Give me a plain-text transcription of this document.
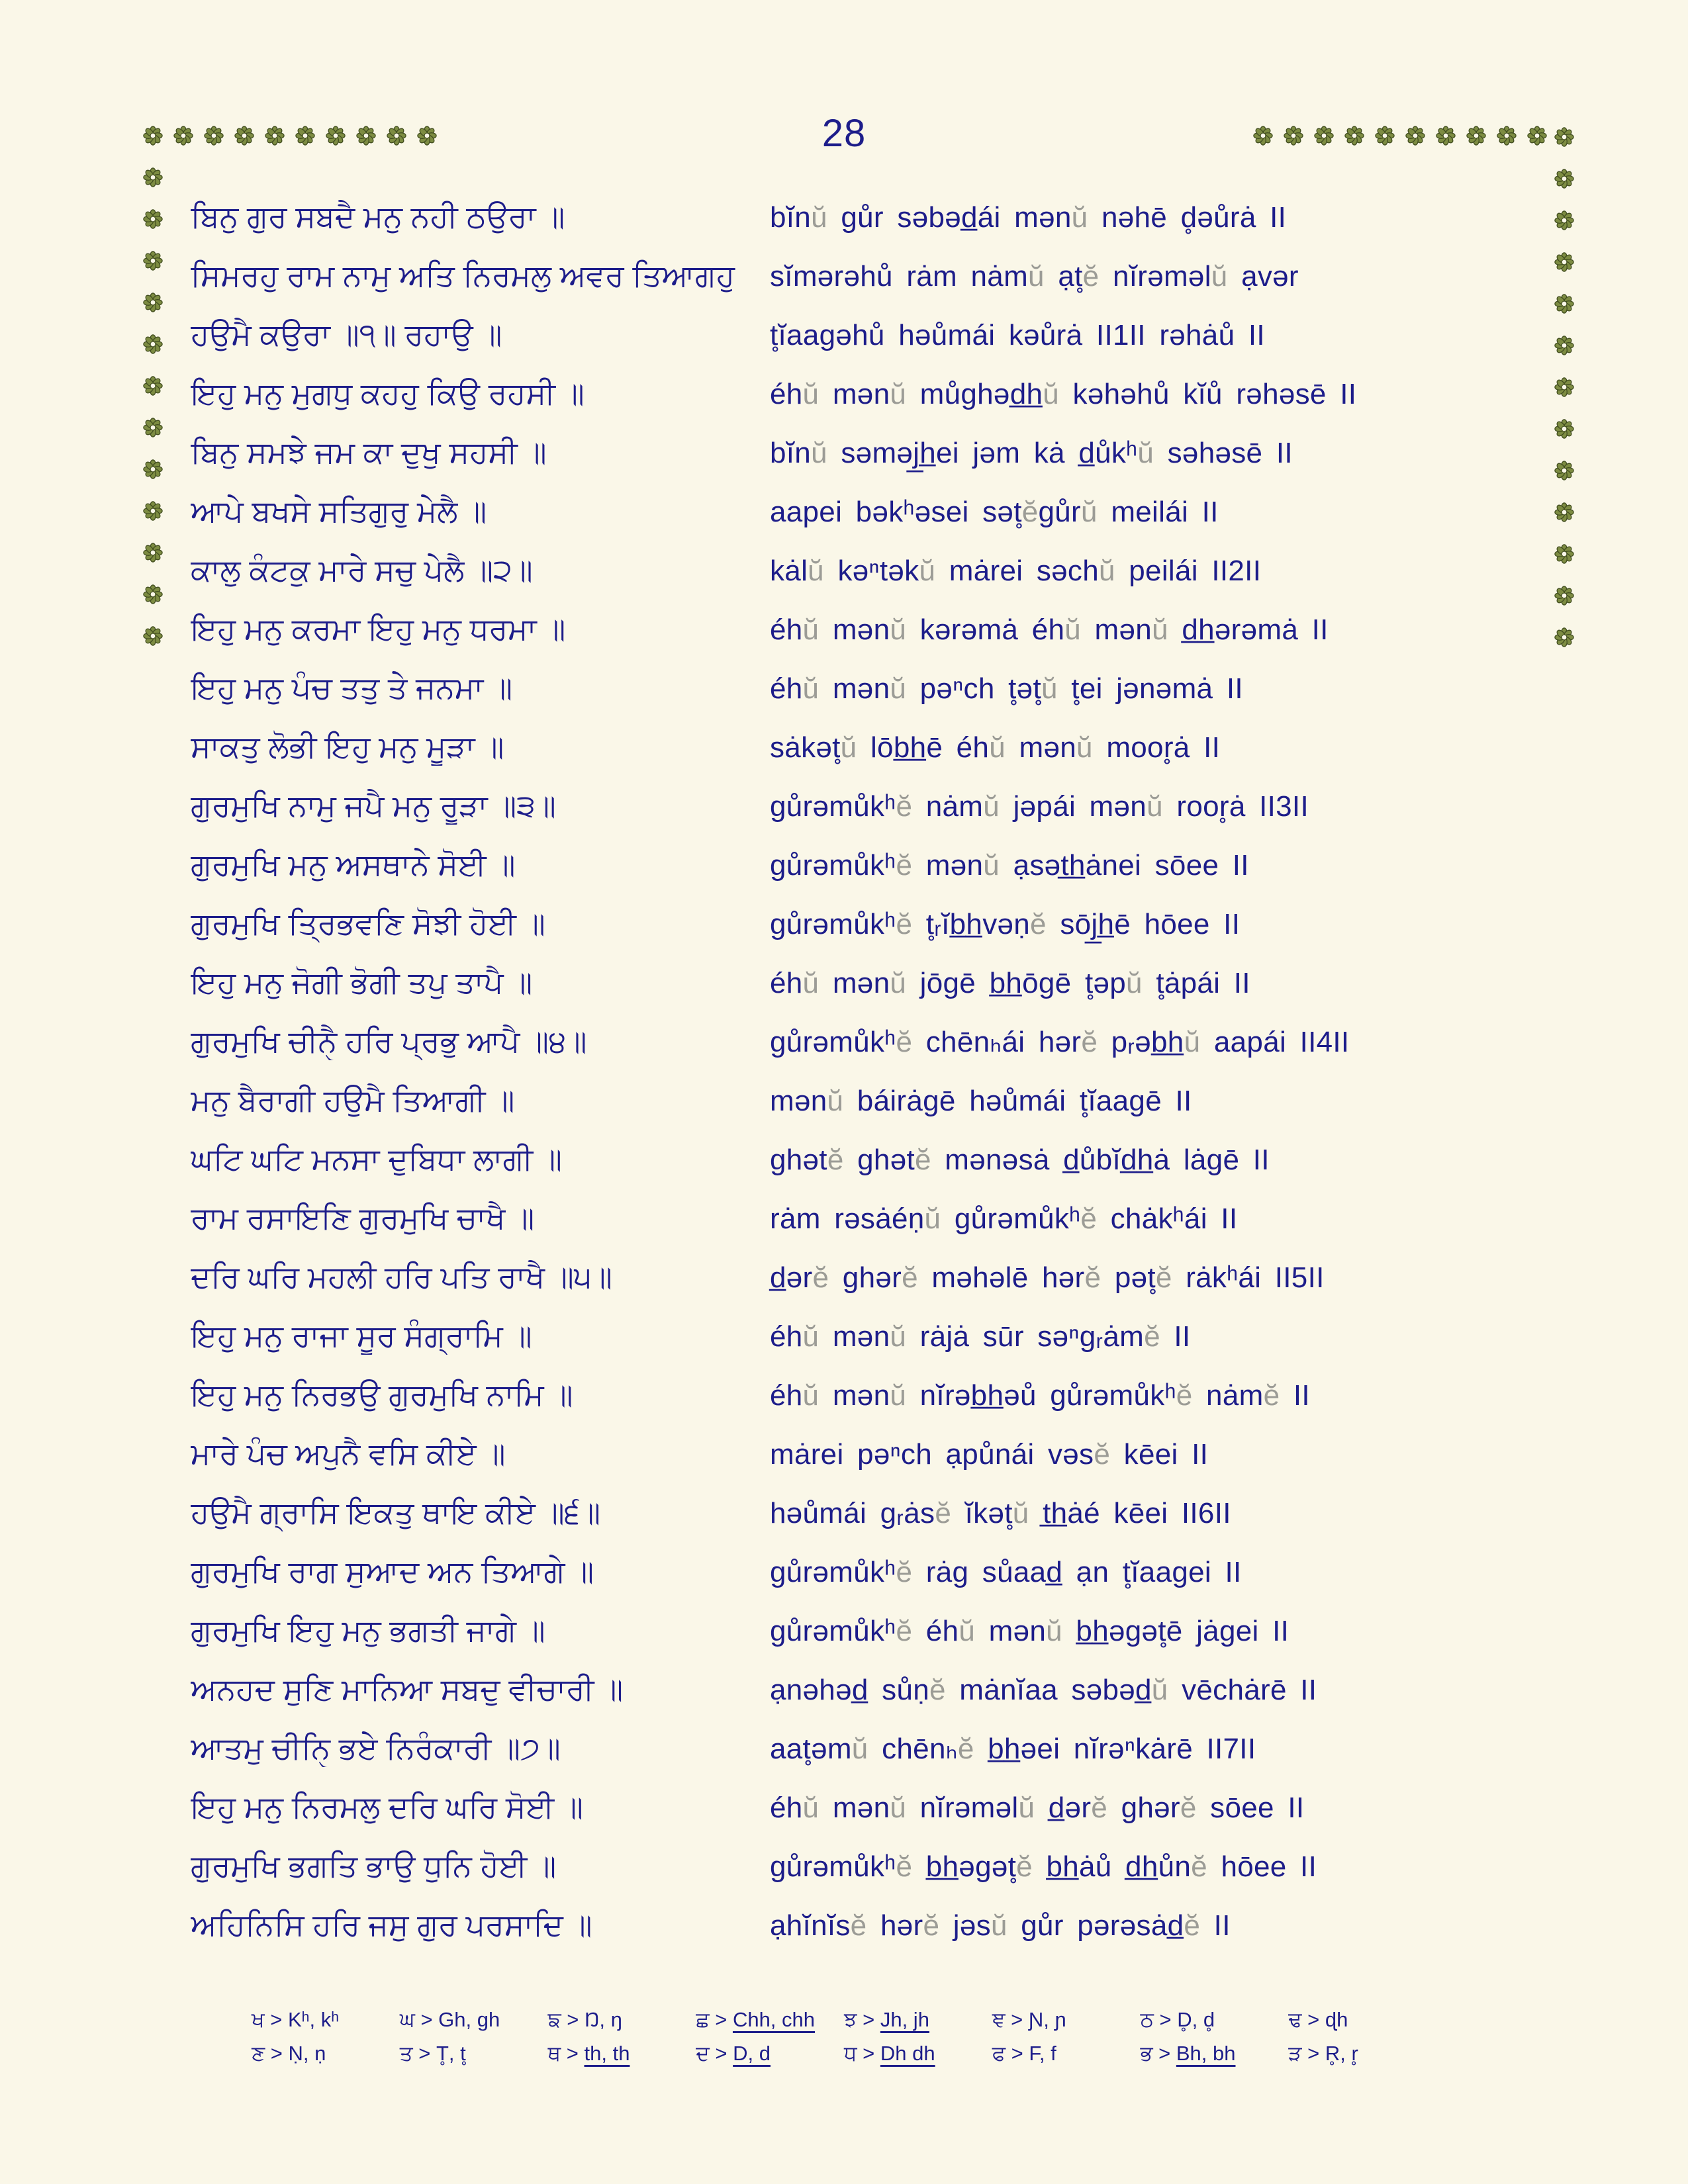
28
ਬਿਨੁ ਗੁਰ ਸਬਦੈ ਮਨੁ ਨਹੀ ਠਉਰਾ ॥	bĭnŭ gůr səbəd̲ái mənŭ nəhē d̥əůrȧ II
ਸਿਮਰਹੁ ਰਾਮ ਨਾਮੁ ਅਤਿ ਨਿਰਮਲੁ ਅਵਰ ਤਿਆਗਹੁ	sĭmərəhů rȧm nȧmŭ ạt̥ĕ nĭrəməlŭ ạvər
ਹਉਮੈ ਕਉਰਾ ॥੧॥ ਰਹਾਉ ॥	t̥ĭaagəhů həůmái kəůrȧ II1II rəhȧů II
ਇਹੁ ਮਨੁ ਮੁਗਧੁ ਕਹਹੁ ਕਿਉ ਰਹਸੀ ॥	éhŭ mənŭ můghəd̲h̲ŭ kəhəhů kĭů rəhəsē II
ਬਿਨੁ ਸਮਝੇ ਜਮ ਕਾ ਦੁਖੁ ਸਹਸੀ ॥	bĭnŭ səməj̲h̲ei jəm kȧ d̲ůkʰŭ səhəsē II
ਆਪੇ ਬਖਸੇ ਸਤਿਗੁਰੁ ਮੇਲੈ ॥	aapei bəkʰəsei sət̥ĕgůrŭ meilái II
ਕਾਲੁ ਕੰਟਕੁ ਮਾਰੇ ਸਚੁ ਪੇਲੈ ॥੨॥	kȧlŭ kəⁿtəkŭ mȧrei səchŭ peilái II2II
ਇਹੁ ਮਨੁ ਕਰਮਾ ਇਹੁ ਮਨੁ ਧਰਮਾ ॥	éhŭ mənŭ kərəmȧ éhŭ mənŭ d̲h̲ərəmȧ II
ਇਹੁ ਮਨੁ ਪੰਚ ਤਤੁ ਤੇ ਜਨਮਾ ॥	éhŭ mənŭ pəⁿch t̥ət̥ŭ t̥ei jənəmȧ II
ਸਾਕਤੁ ਲੋਭੀ ਇਹੁ ਮਨੁ ਮੂੜਾ ॥	sȧkət̥ŭ lōb̲h̲ē éhŭ mənŭ moor̥ȧ II
ਗੁਰਮੁਖਿ ਨਾਮੁ ਜਪੈ ਮਨੁ ਰੂੜਾ ॥੩॥	gůrəmůkʰĕ nȧmŭ jəpái mənŭ roor̥ȧ II3II
ਗੁਰਮੁਖਿ ਮਨੁ ਅਸਥਾਨੇ ਸੋਈ ॥	gůrəmůkʰĕ mənŭ ạsət̲h̲ȧnei sōee II
ਗੁਰਮੁਖਿ ਤ੍ਰਿਭਵਣਿ ਸੋਝੀ ਹੋਈ ॥	gůrəmůkʰĕ t̥ᵣĭb̲h̲vəṇĕ sōj̲h̲ē hōee II
ਇਹੁ ਮਨੁ ਜੋਗੀ ਭੋਗੀ ਤਪੁ ਤਾਪੈ ॥	éhŭ mənŭ jōgē b̲h̲ōgē t̥əpŭ t̥ȧpái II
ਗੁਰਮੁਖਿ ਚੀਨੑੈ ਹਰਿ ਪ੍ਰਭੁ ਆਪੈ ॥੪॥	gůrəmůkʰĕ chēnₕái hərĕ pᵣəb̲h̲ŭ aapái II4II
ਮਨੁ ਬੈਰਾਗੀ ਹਉਮੈ ਤਿਆਗੀ ॥	mənŭ báirȧgē həůmái t̥ĭaagē II
ਘਟਿ ਘਟਿ ਮਨਸਾ ਦੁਬਿਧਾ ਲਾਗੀ ॥	ghətĕ ghətĕ mənəsȧ d̲ůbĭd̲h̲ȧ lȧgē II
ਰਾਮ ਰਸਾਇਣਿ ਗੁਰਮੁਖਿ ਚਾਖੈ ॥	rȧm rəsȧéṇŭ gůrəmůkʰĕ chȧkʰái II
ਦਰਿ ਘਰਿ ਮਹਲੀ ਹਰਿ ਪਤਿ ਰਾਖੈ ॥੫॥	d̲ərĕ ghərĕ məhəlē hərĕ pət̥ĕ rȧkʰái II5II
ਇਹੁ ਮਨੁ ਰਾਜਾ ਸੂਰ ਸੰਗ੍ਰਾਮਿ ॥	éhŭ mənŭ rȧjȧ sūr səⁿgᵣȧmĕ II
ਇਹੁ ਮਨੁ ਨਿਰਭਉ ਗੁਰਮੁਖਿ ਨਾਮਿ ॥	éhŭ mənŭ nĭrəb̲h̲əů gůrəmůkʰĕ nȧmĕ II
ਮਾਰੇ ਪੰਚ ਅਪੁਨੈ ਵਸਿ ਕੀਏ ॥	mȧrei pəⁿch ạpůnái vəsĕ kēei II
ਹਉਮੈ ਗ੍ਰਾਸਿ ਇਕਤੁ ਥਾਇ ਕੀਏ ॥੬॥	həůmái gᵣȧsĕ ĭkət̥ŭ t̲h̲ȧé kēei II6II
ਗੁਰਮੁਖਿ ਰਾਗ ਸੁਆਦ ਅਨ ਤਿਆਗੇ ॥	gůrəmůkʰĕ rȧg sůaad̲ ạn t̥ĭaagei II
ਗੁਰਮੁਖਿ ਇਹੁ ਮਨੁ ਭਗਤੀ ਜਾਗੇ ॥	gůrəmůkʰĕ éhŭ mənŭ b̲h̲əgət̥ē jȧgei II
ਅਨਹਦ ਸੁਣਿ ਮਾਨਿਆ ਸਬਦੁ ਵੀਚਾਰੀ ॥	ạnəhəd̲ sůṇĕ mȧnĭaa səbəd̲ŭ vēchȧrē II
ਆਤਮੁ ਚੀਨਿੑ ਭਏ ਨਿਰੰਕਾਰੀ ॥੭॥	aat̥əmŭ chēnₕĕ b̲h̲əei nĭrəⁿkȧrē II7II
ਇਹੁ ਮਨੁ ਨਿਰਮਲੁ ਦਰਿ ਘਰਿ ਸੋਈ ॥	éhŭ mənŭ nĭrəməlŭ d̲ərĕ ghərĕ sōee II
ਗੁਰਮੁਖਿ ਭਗਤਿ ਭਾਉ ਧੁਨਿ ਹੋਈ ॥	gůrəmůkʰĕ b̲h̲əgət̥ĕ b̲h̲ȧů d̲h̲ůnĕ hōee II
ਅਹਿਨਿਸਿ ਹਰਿ ਜਸੁ ਗੁਰ ਪਰਸਾਦਿ ॥	ạhĭnĭsĕ hərĕ jəsŭ gůr pərəsȧd̲ĕ II
ਖ > Kʰ, kʰ	ਘ > Gh, gh	ਙ > Ŋ, ŋ	ਛ > Chh, chh	ਝ > Jh, jh	ਞ > Ɲ, ɲ	ਠ > D̥, d̥	ਢ > ɖh
ਣ > Ṇ, ṇ	ਤ > T̥, t̥	ਥ > th, th	ਦ > D, d	ਧ > Dh dh	ਫ > F, f	ਭ > Bh, bh	ੜ > R̥, r̥
